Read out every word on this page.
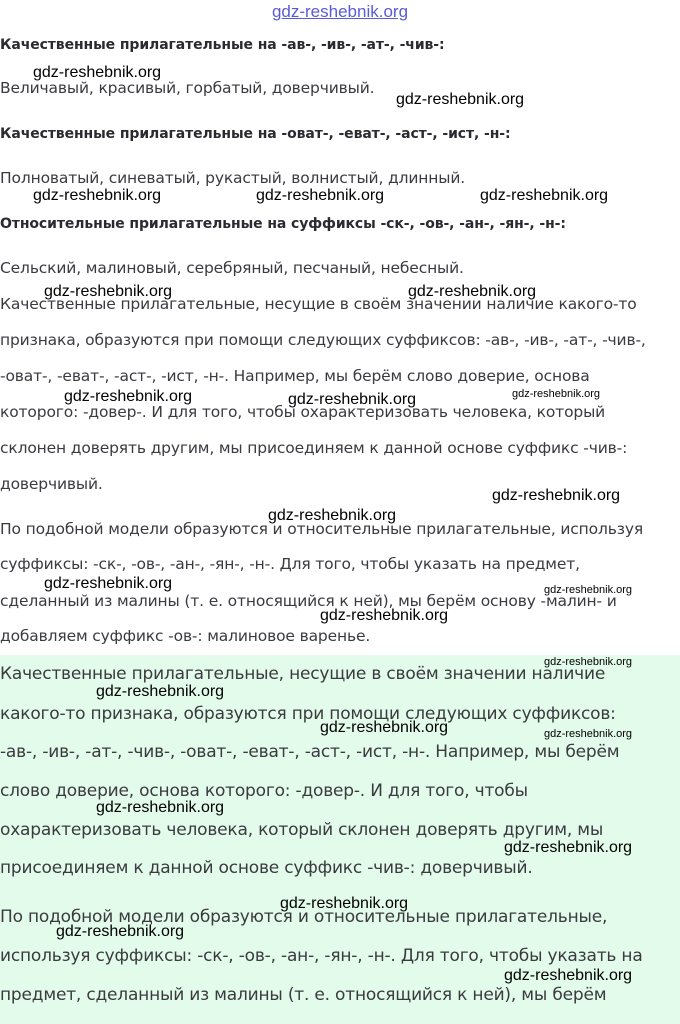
gdz-reshebnik.org
Качественные прилагательные на -ав-, -ив-, -ат-, -чив-:
Величавый, красивый, горбатый, доверчивый.
Качественные прилагательные на -оват-, -еват-, -аст-, -ист, -н-:
Полноватый, синеватый, рукастый, волнистый, длинный.
Относительные прилагательные на суффиксы -ск-, -ов-, -ан-, -ян-, -н-:
Сельский, малиновый, серебряный, песчаный, небесный.
Качественные прилагательные, несущие в своём значении наличие какого-то
признака, образуются при помощи следующих суффиксов: -ав-, -ив-, -ат-, -чив-,
-оват-, -еват-, -аст-, -ист, -н-. Например, мы берём слово доверие, основа
которого: -довер-. И для того, чтобы охарактеризовать человека, который
склонен доверять другим, мы присоединяем к данной основе суффикс -чив-:
доверчивый.
По подобной модели образуются и относительные прилагательные, используя
суффиксы: -ск-, -ов-, -ан-, -ян-, -н-. Для того, чтобы указать на предмет,
сделанный из малины (т. е. относящийся к ней), мы берём основу -малин- и
добавляем суффикс -ов-: малиновое варенье.
Качественные прилагательные, несущие в своём значении наличие
какого-то признака, образуются при помощи следующих суффиксов:
-ав-, -ив-, -ат-, -чив-, -оват-, -еват-, -аст-, -ист, -н-. Например, мы берём
слово доверие, основа которого: -довер-. И для того, чтобы
охарактеризовать человека, который склонен доверять другим, мы
присоединяем к данной основе суффикс -чив-: доверчивый.
По подобной модели образуются и относительные прилагательные,
используя суффиксы: -ск-, -ов-, -ан-, -ян-, -н-. Для того, чтобы указать на
предмет, сделанный из малины (т. е. относящийся к ней), мы берём
gdz-reshebnik.org
gdz-reshebnik.org
gdz-reshebnik.org	gdz-reshebnik.org	gdz-reshebnik.org
gdz-reshebnik.org	gdz-reshebnik.org
gdz-reshebnik.org	gdz-reshebnik.org	gdz-reshebnik.org
gdz-reshebnik.org
gdz-reshebnik.org
gdz-reshebnik.org	gdz-reshebnik.org
gdz-reshebnik.org
gdz-reshebnik.org
gdz-reshebnik.org
gdz-reshebnik.org	gdz-reshebnik.org
gdz-reshebnik.org
gdz-reshebnik.org
gdz-reshebnik.org
gdz-reshebnik.org
gdz-reshebnik.org
